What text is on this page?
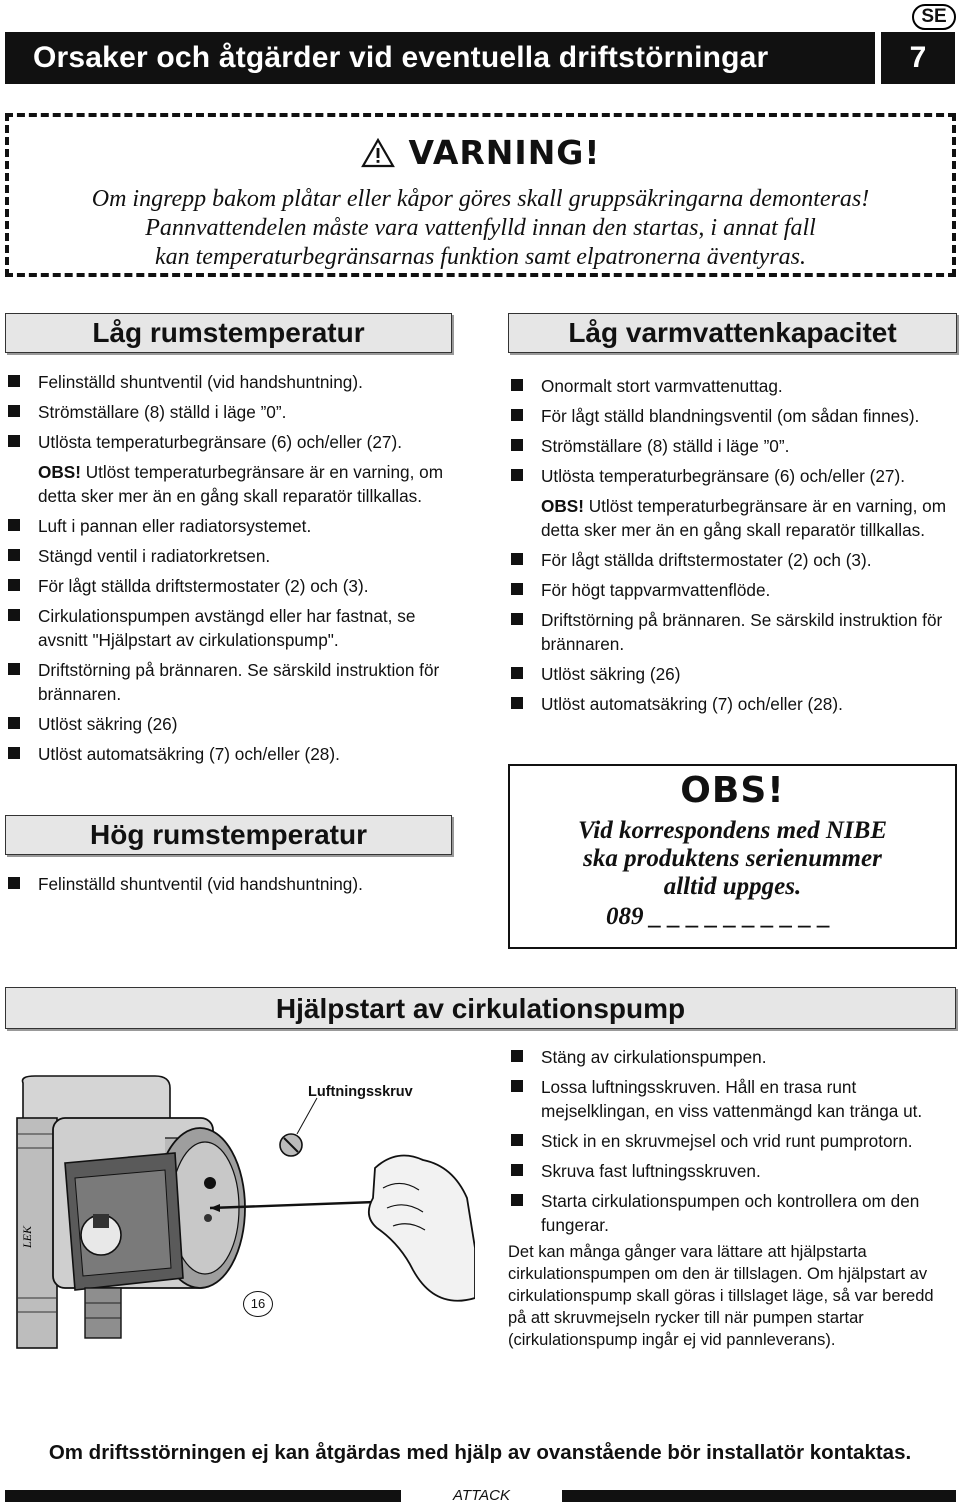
SE
Orsaker och åtgärder vid eventuella driftstörningar	7
VARNING!
Om ingrepp bakom plåtar eller kåpor göres skall gruppsäkringarna demonteras!
Pannvattendelen måste vara vattenfylld innan den startas, i annat fall
kan temperaturbegränsarnas funktion samt elpatronerna äventyras.
Låg rumstemperatur
Felinställd shuntventil (vid handshuntning).
Strömställare (8) ställd i läge ”0”.
Utlösta temperaturbegränsare (6) och/eller (27).
OBS! Utlöst temperaturbegränsare är en varning, om detta sker mer än en gång skall reparatör tillkallas.
Luft i pannan eller radiatorsystemet.
Stängd ventil i radiatorkretsen.
För lågt ställda driftstermostater (2) och (3).
Cirkulationspumpen avstängd eller har fastnat, se avsnitt "Hjälpstart av cirkulationspump".
Driftstörning på brännaren. Se särskild instruktion för brännaren.
Utlöst säkring (26)
Utlöst automatsäkring (7) och/eller (28).
Hög rumstemperatur
Felinställd shuntventil (vid handshuntning).
Låg varmvattenkapacitet
Onormalt stort varmvattenuttag.
För lågt ställd blandningsventil (om sådan finnes).
Strömställare (8) ställd i läge ”0”.
Utlösta temperaturbegränsare (6) och/eller (27).
OBS! Utlöst temperaturbegränsare är en varning, om detta sker mer än en gång skall reparatör tillkallas.
För lågt ställda driftstermostater (2) och (3).
För högt tappvarmvattenflöde.
Driftstörning på brännaren. Se särskild instruktion för brännaren.
Utlöst säkring (26)
Utlöst automatsäkring (7) och/eller (28).
OBS!
Vid korrespondens med NIBE
ska produktens serienummer
alltid uppges.
089 _ _ _ _ _ _ _ _ _ _
Hjälpstart av cirkulationspump
LEK
Luftningsskruv
16
Stäng av cirkulationspumpen.
Lossa luftningsskruven. Håll en trasa runt mejselklingan, en viss vattenmängd kan tränga ut.
Stick in en skruvmejsel och vrid runt pumprotorn.
Skruva fast luftningsskruven.
Starta cirkulationspumpen och kontrollera om den fungerar.
Det kan många gånger vara lättare att hjälpstarta cirkulationspumpen om den är tillslagen. Om hjälpstart av cirkulationspump skall göras i tillslaget läge, så var beredd på att skruvmejseln rycker till när pumpen startar (cirkulationspump ingår ej vid pannleverans).
Om driftsstörningen ej kan åtgärdas med hjälp av ovanstående bör installatör kontaktas.
ATTACK
